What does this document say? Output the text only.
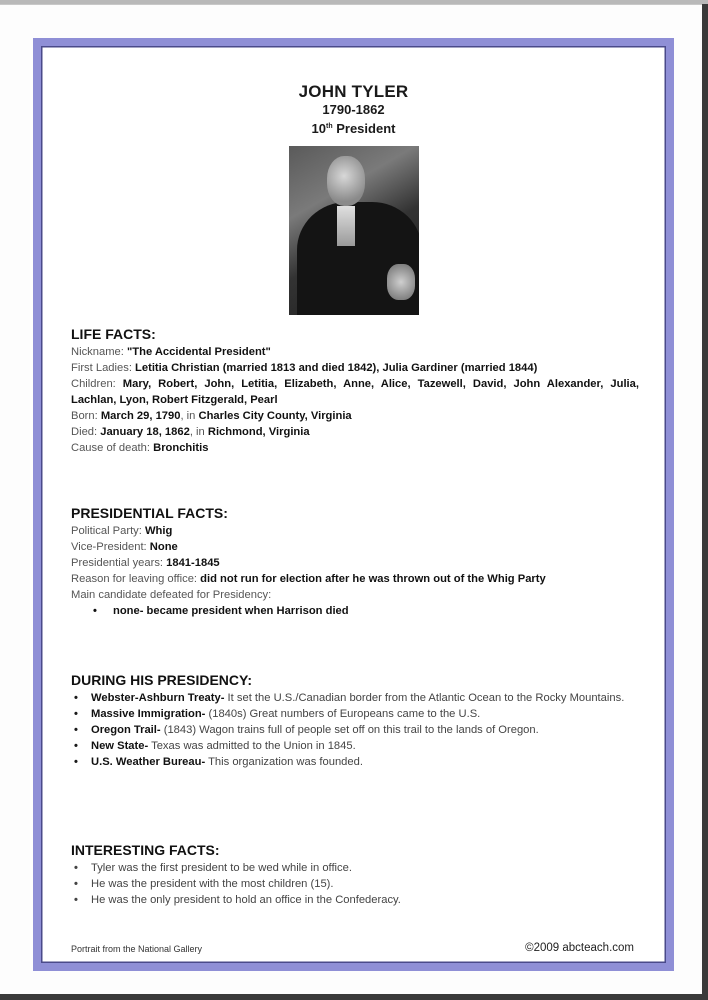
JOHN TYLER
1790-1862
10th President
LIFE FACTS:
Nickname: "The Accidental President"
First Ladies: Letitia Christian (married 1813 and died 1842), Julia Gardiner (married 1844)
Children: Mary, Robert, John, Letitia, Elizabeth, Anne, Alice, Tazewell, David, John Alexander, Julia, Lachlan, Lyon, Robert Fitzgerald, Pearl
Born: March 29, 1790, in Charles City County, Virginia
Died: January 18, 1862, in Richmond, Virginia
Cause of death: Bronchitis
PRESIDENTIAL FACTS:
Political Party: Whig
Vice-President: None
Presidential years: 1841-1845
Reason for leaving office: did not run for election after he was thrown out of the Whig Party
Main candidate defeated for Presidency:
• none- became president when Harrison died
DURING HIS PRESIDENCY:
• Webster-Ashburn Treaty- It set the U.S./Canadian border from the Atlantic Ocean to the Rocky Mountains.
• Massive Immigration- (1840s) Great numbers of Europeans came to the U.S.
• Oregon Trail- (1843) Wagon trains full of people set off on this trail to the lands of Oregon.
• New State- Texas was admitted to the Union in 1845.
• U.S. Weather Bureau- This organization was founded.
INTERESTING FACTS:
• Tyler was the first president to be wed while in office.
• He was the president with the most children (15).
• He was the only president to hold an office in the Confederacy.
Portrait from the National Gallery	©2009 abcteach.com
